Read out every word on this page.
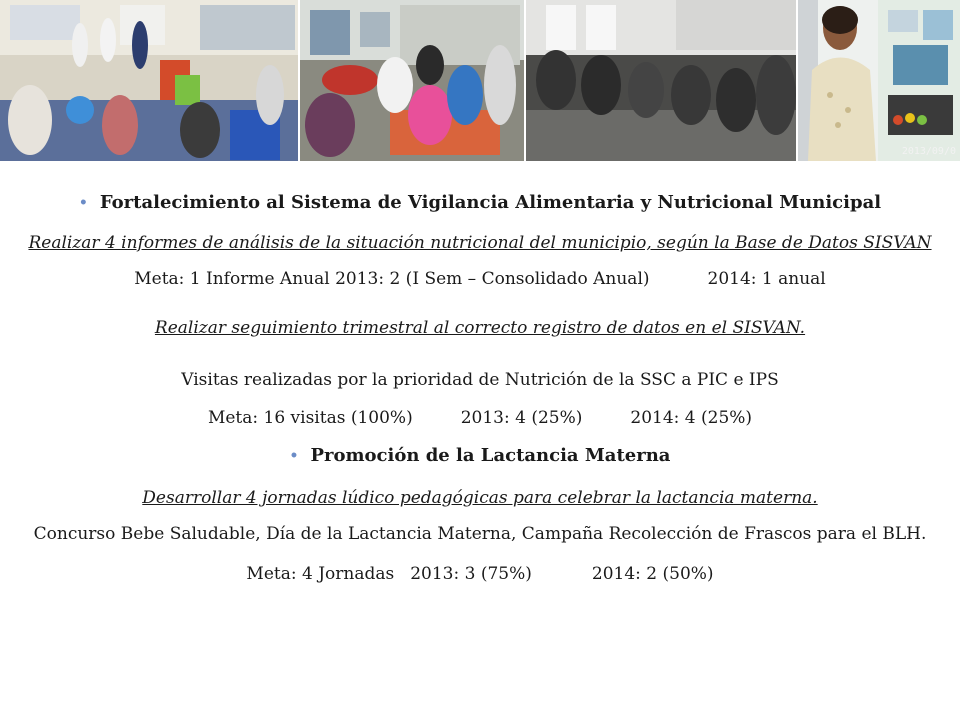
2013/09/0

• Fortalecimiento al Sistema de Vigilancia Alimentaria y Nutricional Municipal

Realizar 4 informes de análisis de la situación nutricional del municipio, según la Base de Datos SISVAN

Meta: 1 Informe Anual 2013: 2 (I Sem – Consolidado Anual)	2014: 1 anual

Realizar seguimiento trimestral al correcto registro de datos en el SISVAN.

Visitas realizadas por la prioridad de Nutrición de la SSC a PIC e IPS

Meta: 16 visitas (100%)	2013: 4 (25%)	2014: 4 (25%)

• Promoción de la Lactancia Materna

Desarrollar 4 jornadas lúdico pedagógicas para celebrar la lactancia materna.

Concurso Bebe Saludable, Día de la Lactancia Materna, Campaña Recolección de Frascos para el BLH.

Meta: 4 Jornadas 2013: 3 (75%)	2014: 2 (50%)
